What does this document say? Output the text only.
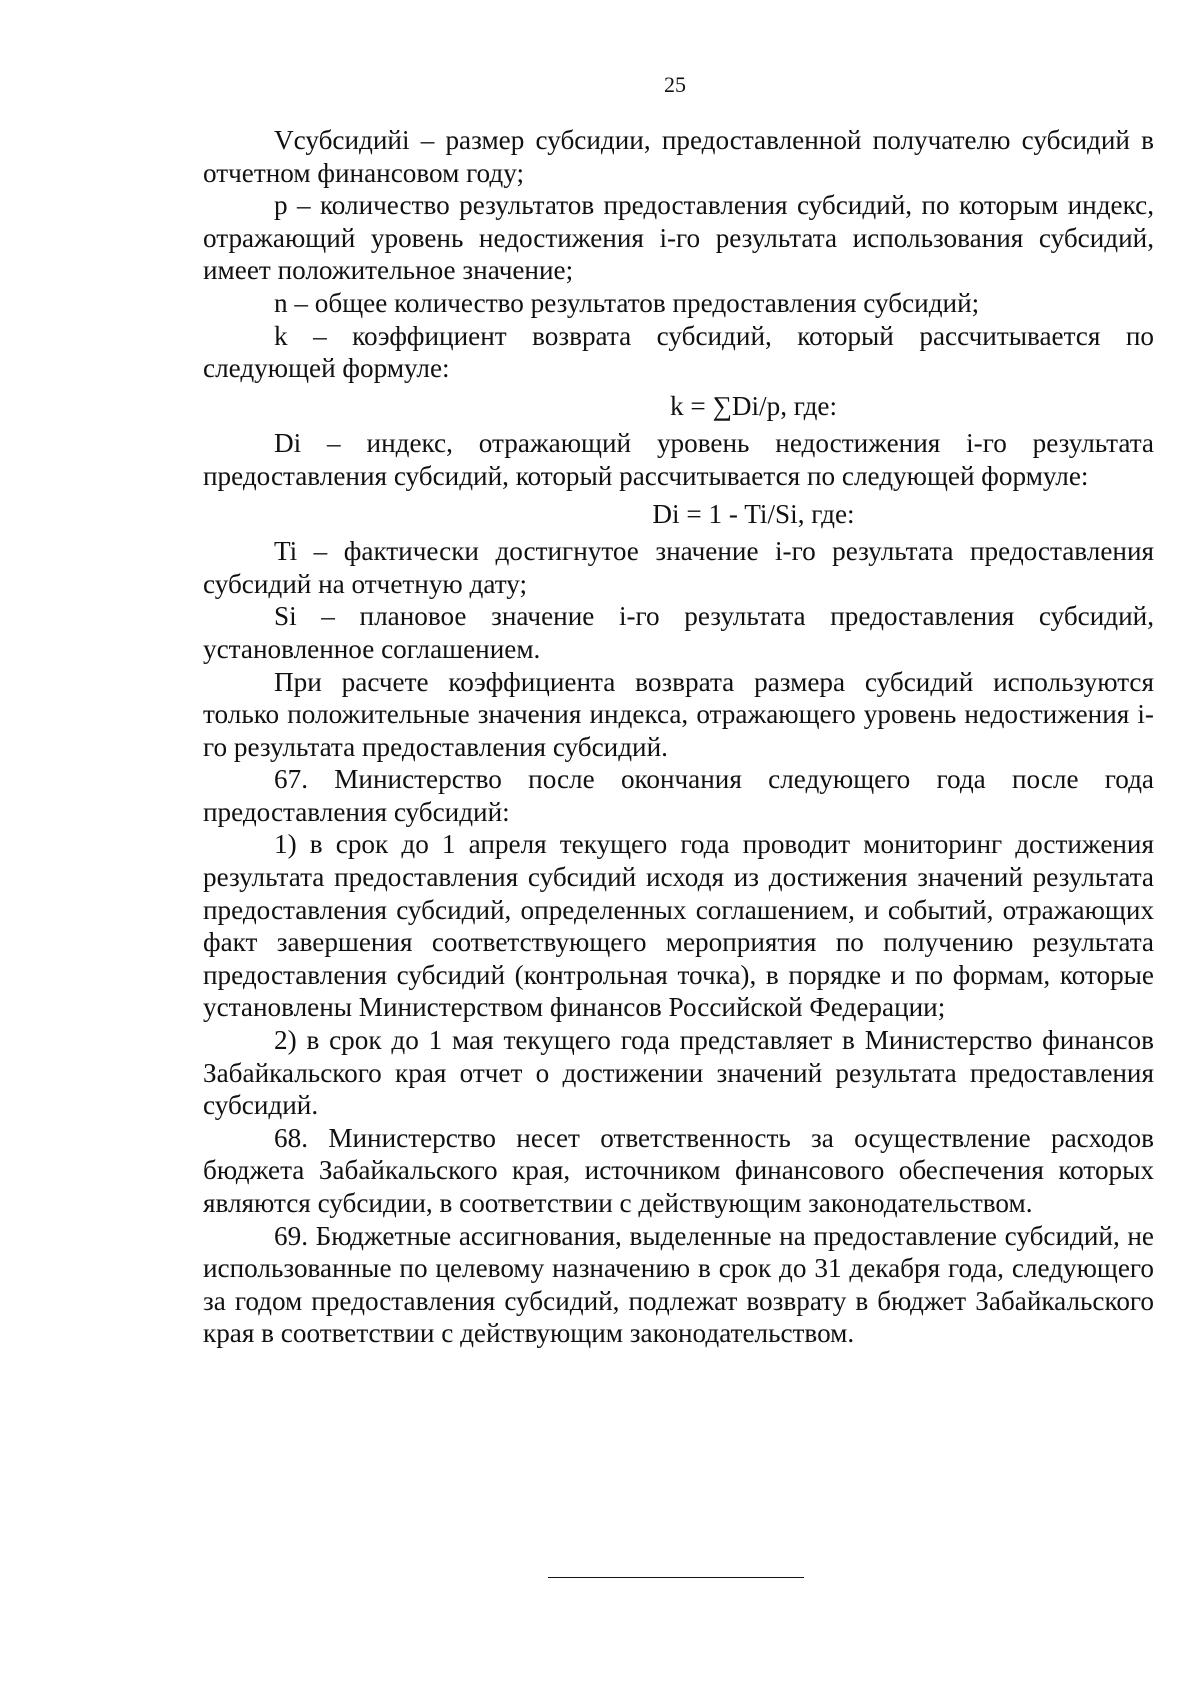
25

Vсубсидийi – размер субсидии, предоставленной получателю субсидий в отчетном финансовом году;

p – количество результатов предоставления субсидий, по которым индекс, отражающий уровень недостижения i-го результата использования субсидий, имеет положительное значение;

n – общее количество результатов предоставления субсидий;

k – коэффициент возврата субсидий, который рассчитывается по следующей формуле:

k = ∑Di/p, где:

Di – индекс, отражающий уровень недостижения i-го результата предоставления субсидий, который рассчитывается по следующей формуле:

Di = 1 - Ti/Si, где:

Ti – фактически достигнутое значение i-го результата предоставления субсидий на отчетную дату;

Si – плановое значение i-го результата предоставления субсидий, установленное соглашением.

При расчете коэффициента возврата размера субсидий используются только положительные значения индекса, отражающего уровень недостижения i-го результата предоставления субсидий.

67. Министерство после окончания следующего года после года предоставления субсидий:

1) в срок до 1 апреля текущего года проводит мониторинг достижения результата предоставления субсидий исходя из достижения значений результата предоставления субсидий, определенных соглашением, и событий, отражающих факт завершения соответствующего мероприятия по получению результата предоставления субсидий (контрольная точка), в порядке и по формам, которые установлены Министерством финансов Российской Федерации;

2) в срок до 1 мая текущего года представляет в Министерство финансов Забайкальского края отчет о достижении значений результата предоставления субсидий.

68. Министерство несет ответственность за осуществление расходов бюджета Забайкальского края, источником финансового обеспечения которых являются субсидии, в соответствии с действующим законодательством.

69. Бюджетные ассигнования, выделенные на предоставление субсидий, не использованные по целевому назначению в срок до 31 декабря года, следующего за годом предоставления субсидий, подлежат возврату в бюджет Забайкальского края в соответствии с действующим законодательством.
